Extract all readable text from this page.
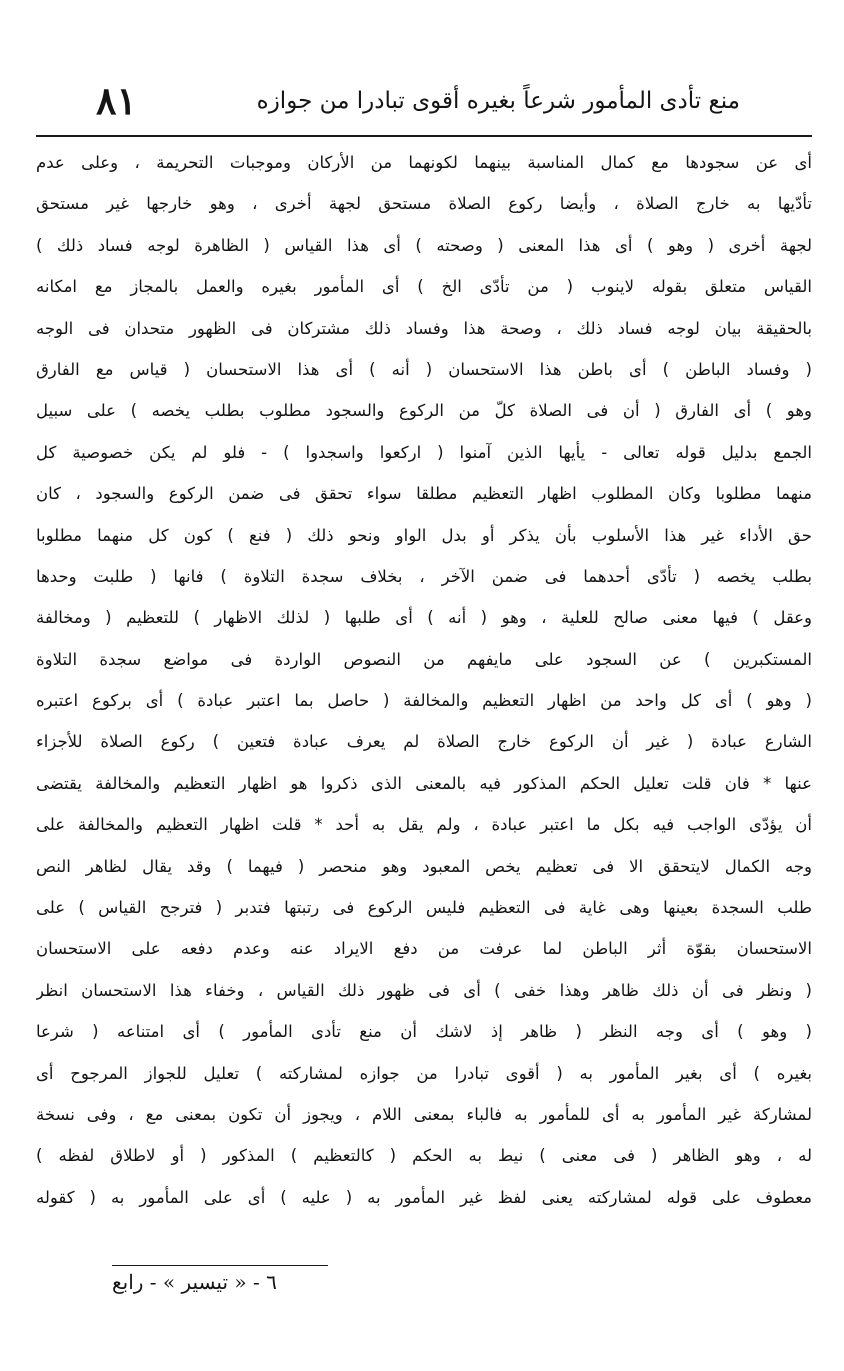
منع تأدى المأمور شرعاً بغيره أقوى تبادرا من جوازه
٨١
أى عن سجودها مع كمال المناسبة بينهما لكونهما من الأركان وموجبات التحريمة ، وعلى عدم
تأدّيها به خارج الصلاة ، وأيضا ركوع الصلاة مستحق لجهة أخرى ، وهو خارجها غير مستحق
لجهة أخرى ( وهو ) أى هذا المعنى ( وصحته ) أى هذا القياس ( الظاهرة لوجه فساد ذلك )
القياس متعلق بقوله لاينوب ( من تأدّى الخ ) أى المأمور بغيره والعمل بالمجاز مع امكانه
بالحقيقة بيان لوجه فساد ذلك ، وصحة هذا وفساد ذلك مشتركان فى الظهور متحدان فى الوجه
( وفساد الباطن ) أى باطن هذا الاستحسان ( أنه ) أى هذا الاستحسان ( قياس مع الفارق
وهو ) أى الفارق ( أن فى الصلاة كلّ من الركوع والسجود مطلوب بطلب يخصه ) على سبيل
الجمع بدليل قوله تعالى - يأيها الذين آمنوا ( اركعوا واسجدوا ) - فلو لم يكن خصوصية كل
منهما مطلوبا وكان المطلوب اظهار التعظيم مطلقا سواء تحقق فى ضمن الركوع والسجود ، كان
حق الأداء غير هذا الأسلوب بأن يذكر أو بدل الواو ونحو ذلك ( فنع ) كون كل منهما مطلوبا
بطلب يخصه ( تأدّى أحدهما فى ضمن الآخر ، بخلاف سجدة التلاوة ) فانها ( طلبت وحدها
وعقل ) فيها معنى صالح للعلية ، وهو ( أنه ) أى طلبها ( لذلك الاظهار ) للتعظيم ( ومخالفة
المستكبرين ) عن السجود على مايفهم من النصوص الواردة فى مواضع سجدة التلاوة
( وهو ) أى كل واحد من اظهار التعظيم والمخالفة ( حاصل بما اعتبر عبادة ) أى بركوع اعتبره
الشارع عبادة ( غير أن الركوع خارج الصلاة لم يعرف عبادة فتعين ) ركوع الصلاة للأجزاء
عنها * فان قلت تعليل الحكم المذكور فيه بالمعنى الذى ذكروا هو اظهار التعظيم والمخالفة يقتضى
أن يؤدّى الواجب فيه بكل ما اعتبر عبادة ، ولم يقل به أحد * قلت اظهار التعظيم والمخالفة على
وجه الكمال لايتحقق الا فى تعظيم يخص المعبود وهو منحصر ( فيهما ) وقد يقال لظاهر النص
طلب السجدة بعينها وهى غاية فى التعظيم فليس الركوع فى رتبتها فتدبر ( فترجح القياس ) على
الاستحسان بقوّة أثر الباطن لما عرفت من دفع الايراد عنه وعدم دفعه على الاستحسان
( ونظر فى أن ذلك ظاهر وهذا خفى ) أى فى ظهور ذلك القياس ، وخفاء هذا الاستحسان انظر
( وهو ) أى وجه النظر ( ظاهر إذ لاشك أن منع تأدى المأمور ) أى امتناعه ( شرعا
بغيره ) أى بغير المأمور به ( أقوى تبادرا من جوازه لمشاركته ) تعليل للجواز المرجوح أى
لمشاركة غير المأمور به أى للمأمور به فالباء بمعنى اللام ، ويجوز أن تكون بمعنى مع ، وفى نسخة
له ، وهو الظاهر ( فى معنى ) نيط به الحكم ( كالتعظيم ) المذكور ( أو لاطلاق لفظه )
معطوف على قوله لمشاركته يعنى لفظ غير المأمور به ( عليه ) أى على المأمور به ( كقوله
٦ - « تيسير » - رابع
